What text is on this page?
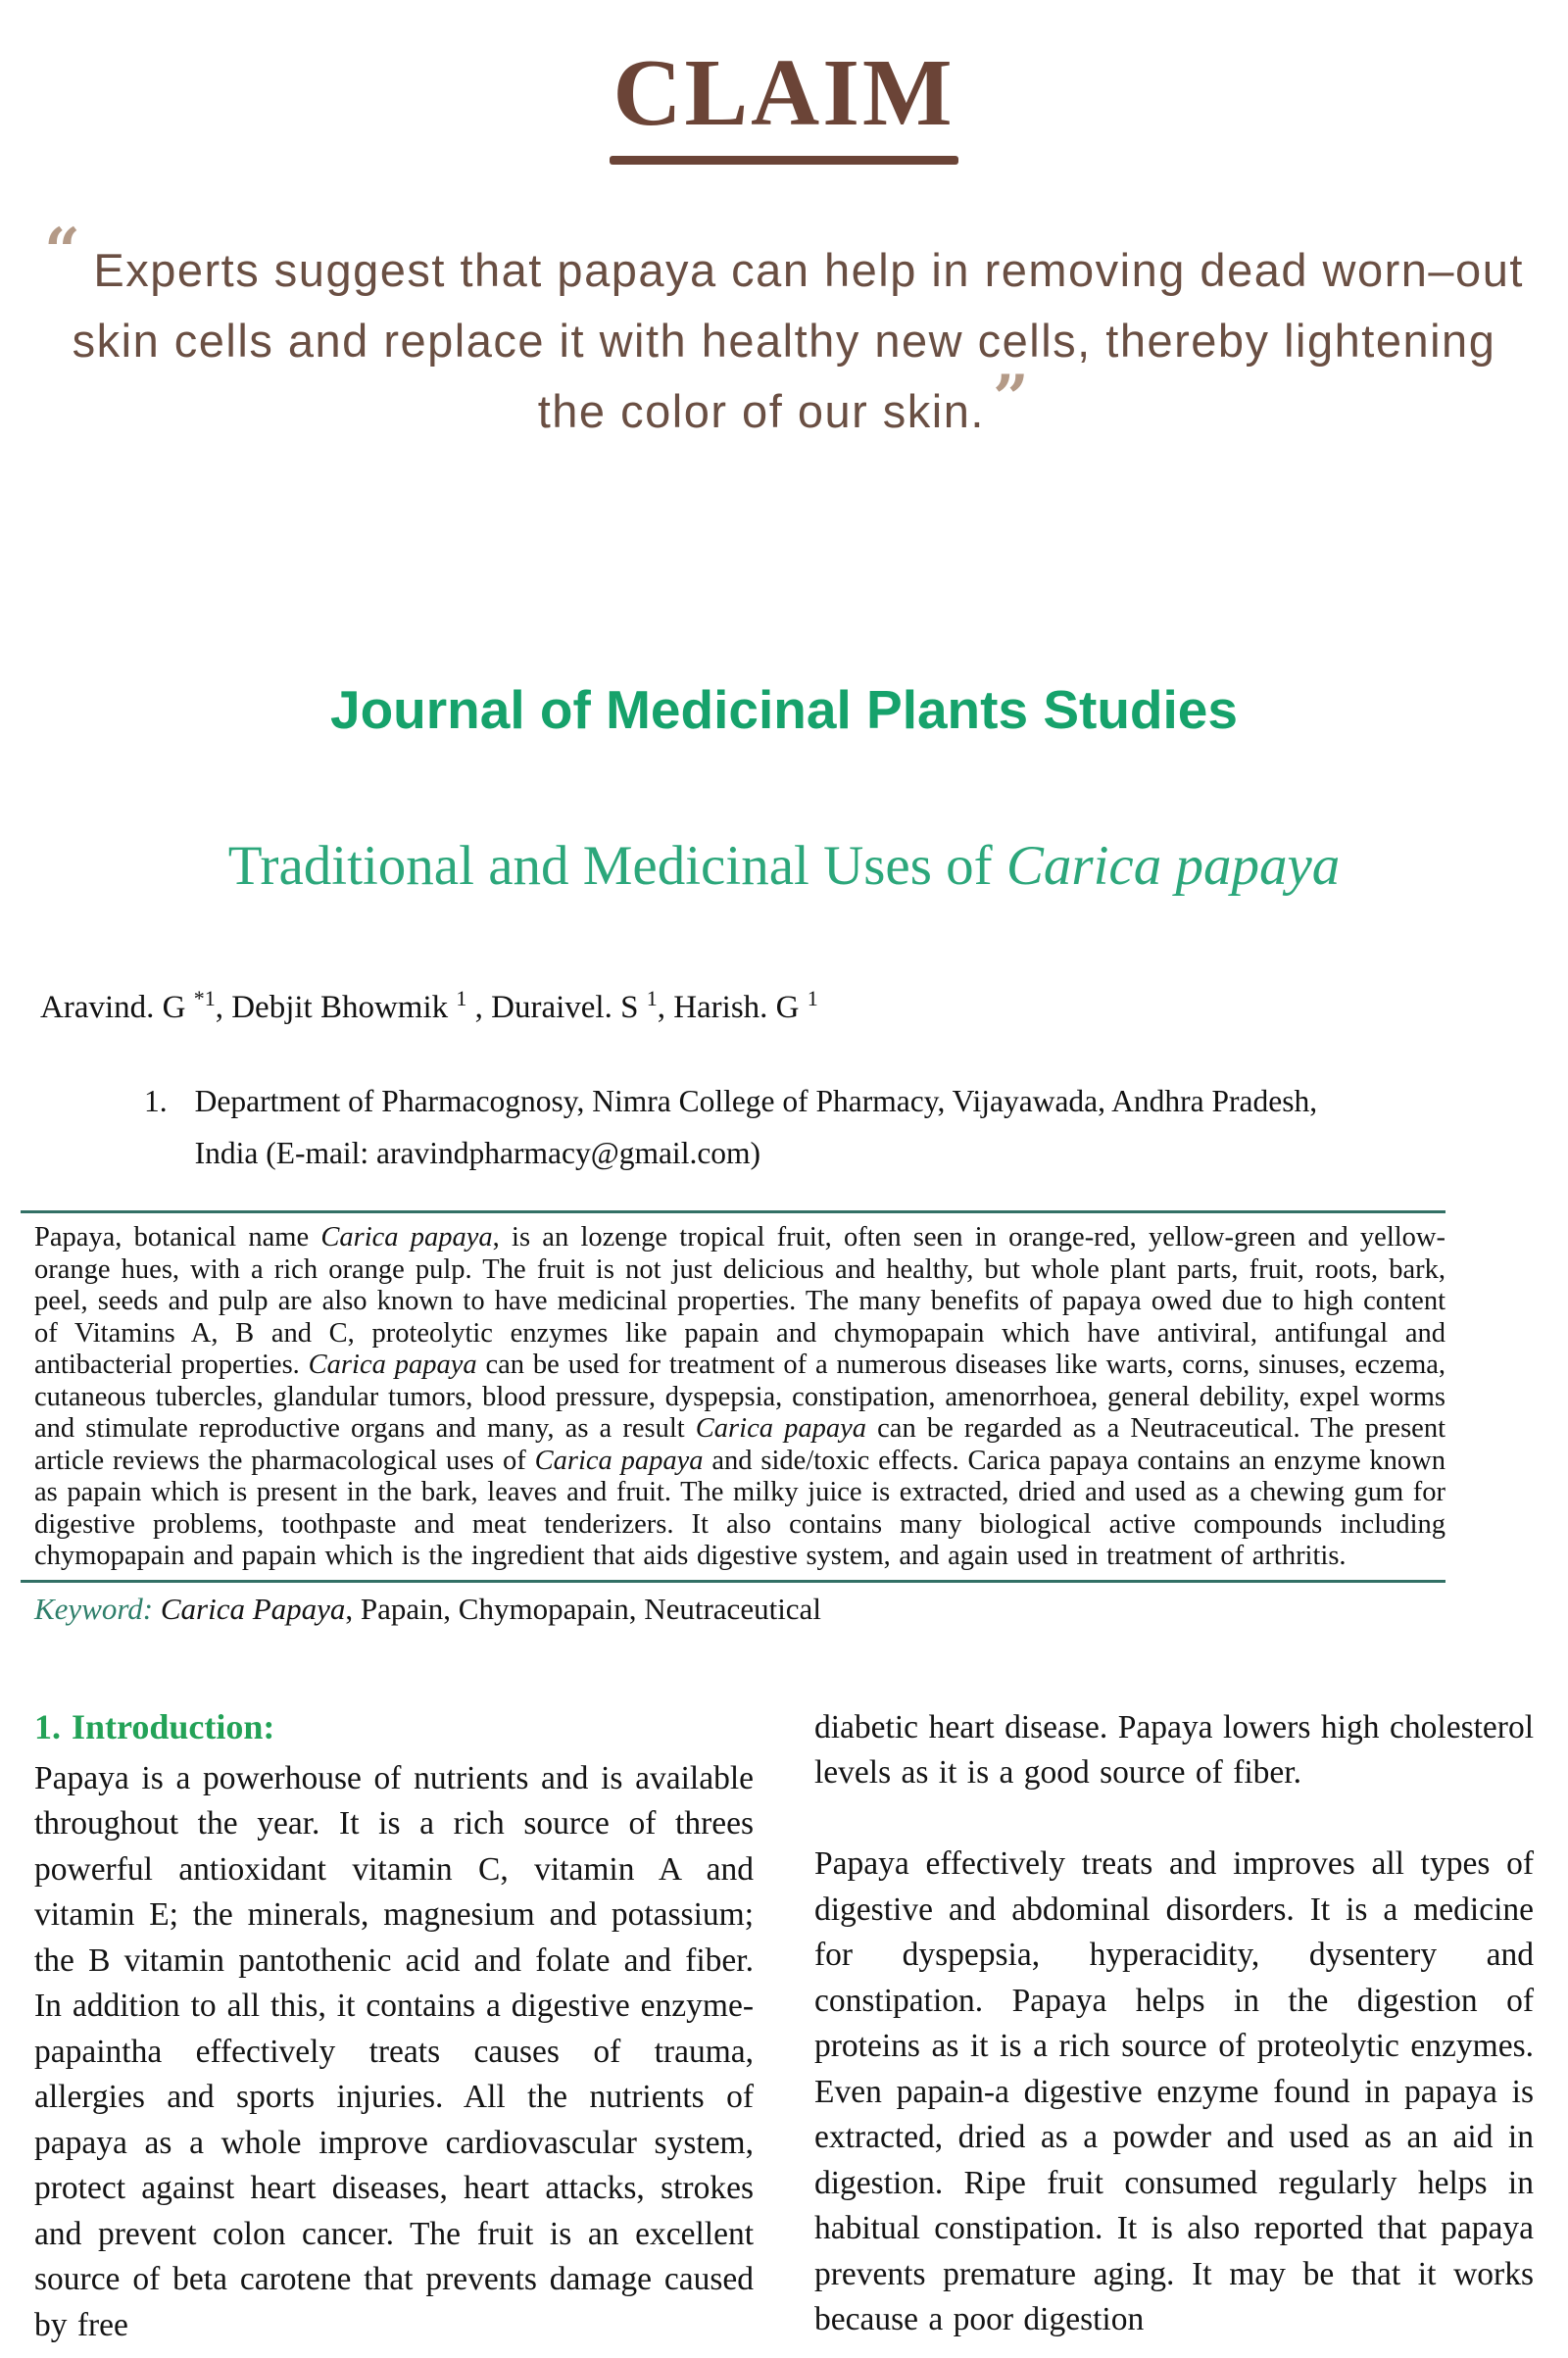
CLAIM

“ Experts suggest that papaya can help in removing dead worn–out skin cells and replace it with healthy new cells, thereby lightening the color of our skin. ”

Journal of Medicinal Plants Studies
Traditional and Medicinal Uses of Carica papaya
Aravind. G $^{*1}$, Debjit Bhowmik $^1$ , Duraivel. S $^1$, Harish. G $^1$
1. Department of Pharmacognosy, Nimra College of Pharmacy, Vijayawada, Andhra Pradesh,
India (E-mail: aravindpharmacy@gmail.com)

Papaya, botanical name Carica papaya, is an lozenge tropical fruit, often seen in orange-red, yellow-green and yellow-orange hues, with a rich orange pulp. The fruit is not just delicious and healthy, but whole plant parts, fruit, roots, bark, peel, seeds and pulp are also known to have medicinal properties. The many benefits of papaya owed due to high content of Vitamins A, B and C, proteolytic enzymes like papain and chymopapain which have antiviral, antifungal and antibacterial properties. Carica papaya can be used for treatment of a numerous diseases like warts, corns, sinuses, eczema, cutaneous tubercles, glandular tumors, blood pressure, dyspepsia, constipation, amenorrhoea, general debility, expel worms and stimulate reproductive organs and many, as a result Carica papaya can be regarded as a Neutraceutical. The present article reviews the pharmacological uses of Carica papaya and side/toxic effects. Carica papaya contains an enzyme known as papain which is present in the bark, leaves and fruit. The milky juice is extracted, dried and used as a chewing gum for digestive problems, toothpaste and meat tenderizers. It also contains many biological active compounds including chymopapain and papain which is the ingredient that aids digestive system, and again used in treatment of arthritis.

Keyword: Carica Papaya, Papain, Chymopapain, Neutraceutical
1. Introduction:

Papaya is a powerhouse of nutrients and is available throughout the year. It is a rich source of threes powerful antioxidant vitamin C, vitamin A and vitamin E; the minerals, magnesium and potassium; the B vitamin pantothenic acid and folate and fiber. In addition to all this, it contains a digestive enzyme-papaintha effectively treats causes of trauma, allergies and sports injuries. All the nutrients of papaya as a whole improve cardiovascular system, protect against heart diseases, heart attacks, strokes and prevent colon cancer. The fruit is an excellent source of beta carotene that prevents damage caused by free

diabetic heart disease. Papaya lowers high cholesterol levels as it is a good source of fiber.

Papaya effectively treats and improves all types of digestive and abdominal disorders. It is a medicine for dyspepsia, hyperacidity, dysentery and constipation. Papaya helps in the digestion of proteins as it is a rich source of proteolytic enzymes. Even papain-a digestive enzyme found in papaya is extracted, dried as a powder and used as an aid in digestion. Ripe fruit consumed regularly helps in habitual constipation. It is also reported that papaya prevents premature aging. It may be that it works because a poor digestion
